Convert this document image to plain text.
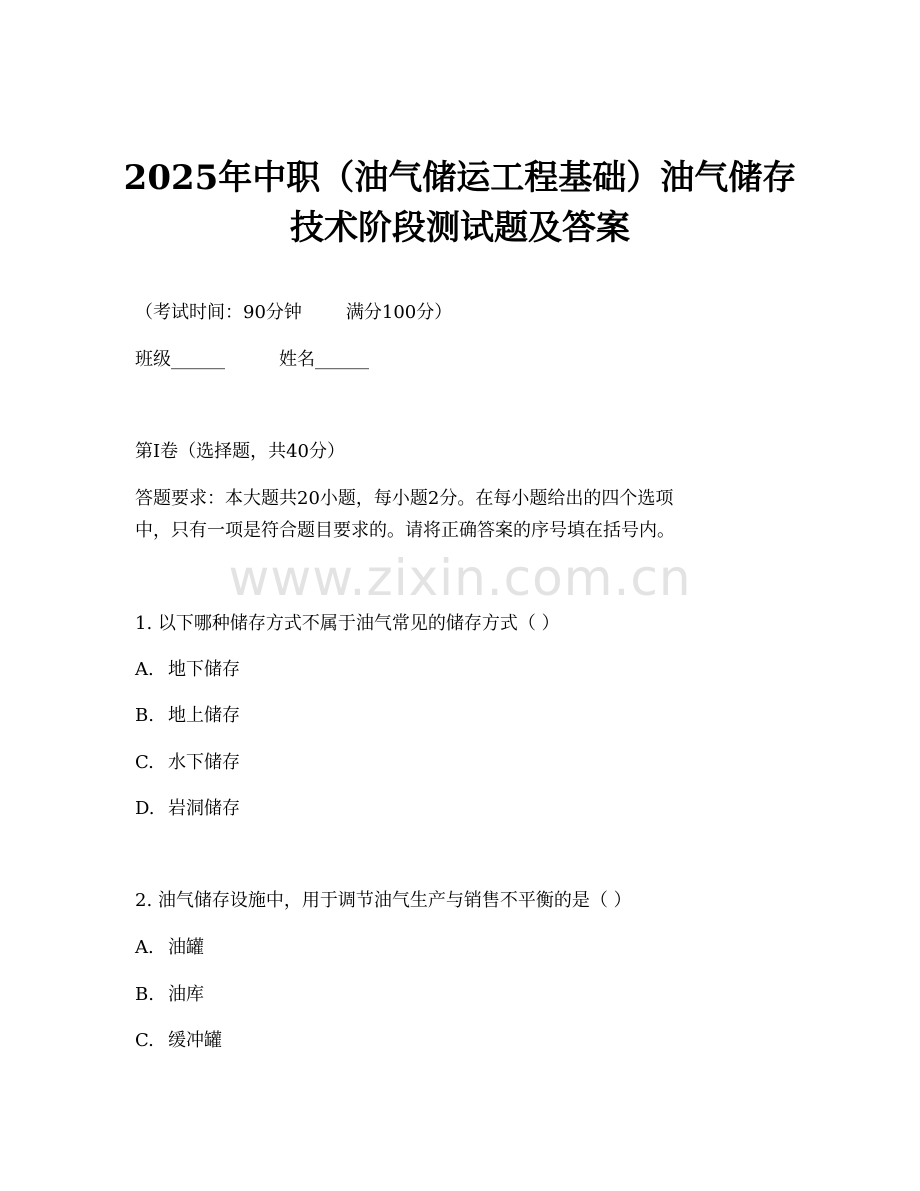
2025年中职（油气储运工程基础）油气储存
技术阶段测试题及答案
（考试时间：90分钟 满分100分）
班级______	姓名______
第I卷（选择题，共40分）
答题要求：本大题共20小题，每小题2分。在每小题给出的四个选项
中，只有一项是符合题目要求的。请将正确答案的序号填在括号内。
www.zixin.com.cn
1. 以下哪种储存方式不属于油气常见的储存方式（ ）
A. 地下储存
B. 地上储存
C. 水下储存
D. 岩洞储存
2. 油气储存设施中，用于调节油气生产与销售不平衡的是（ ）
A. 油罐
B. 油库
C. 缓冲罐
